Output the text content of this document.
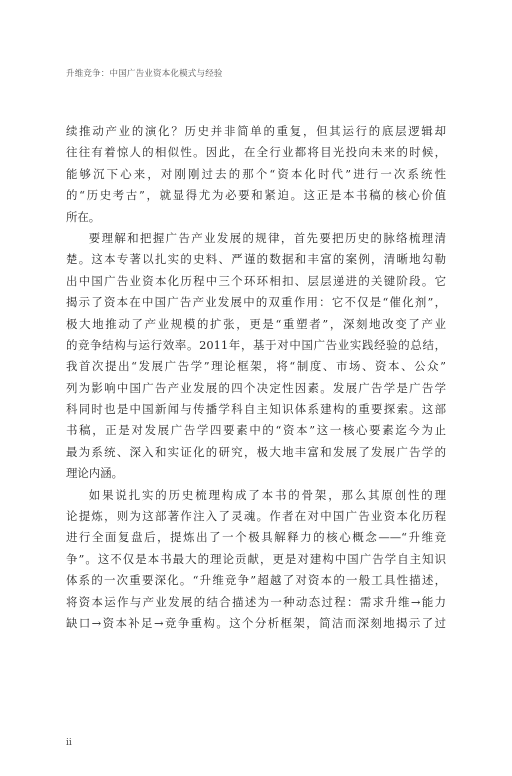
升维竞争：中国广告业资本化模式与经验
续推动产业的演化？历史并非简单的重复，但其运行的底层逻辑却
往往有着惊人的相似性。因此，在全行业都将目光投向未来的时候，
能够沉下心来，对刚刚过去的那个“资本化时代”进行一次系统性
的“历史考古”，就显得尤为必要和紧迫。这正是本书稿的核心价值
所在。
要理解和把握广告产业发展的规律，首先要把历史的脉络梳理清
楚。这本专著以扎实的史料、严谨的数据和丰富的案例，清晰地勾勒
出中国广告业资本化历程中三个环环相扣、层层递进的关键阶段。它
揭示了资本在中国广告产业发展中的双重作用：它不仅是“催化剂”，
极大地推动了产业规模的扩张，更是“重塑者”，深刻地改变了产业
的竞争结构与运行效率。2011年，基于对中国广告业实践经验的总结，
我首次提出“发展广告学”理论框架，将“制度、市场、资本、公众”
列为影响中国广告产业发展的四个决定性因素。发展广告学是广告学
科同时也是中国新闻与传播学科自主知识体系建构的重要探索。这部
书稿，正是对发展广告学四要素中的“资本”这一核心要素迄今为止
最为系统、深入和实证化的研究，极大地丰富和发展了发展广告学的
理论内涵。
如果说扎实的历史梳理构成了本书的骨架，那么其原创性的理
论提炼，则为这部著作注入了灵魂。作者在对中国广告业资本化历程
进行全面复盘后，提炼出了一个极具解释力的核心概念——“升维竞
争”。这不仅是本书最大的理论贡献，更是对建构中国广告学自主知识
体系的一次重要深化。“升维竞争”超越了对资本的一般工具性描述，
将资本运作与产业发展的结合描述为一种动态过程：需求升维→能力
缺口→资本补足→竞争重构。这个分析框架，简洁而深刻地揭示了过
ii
